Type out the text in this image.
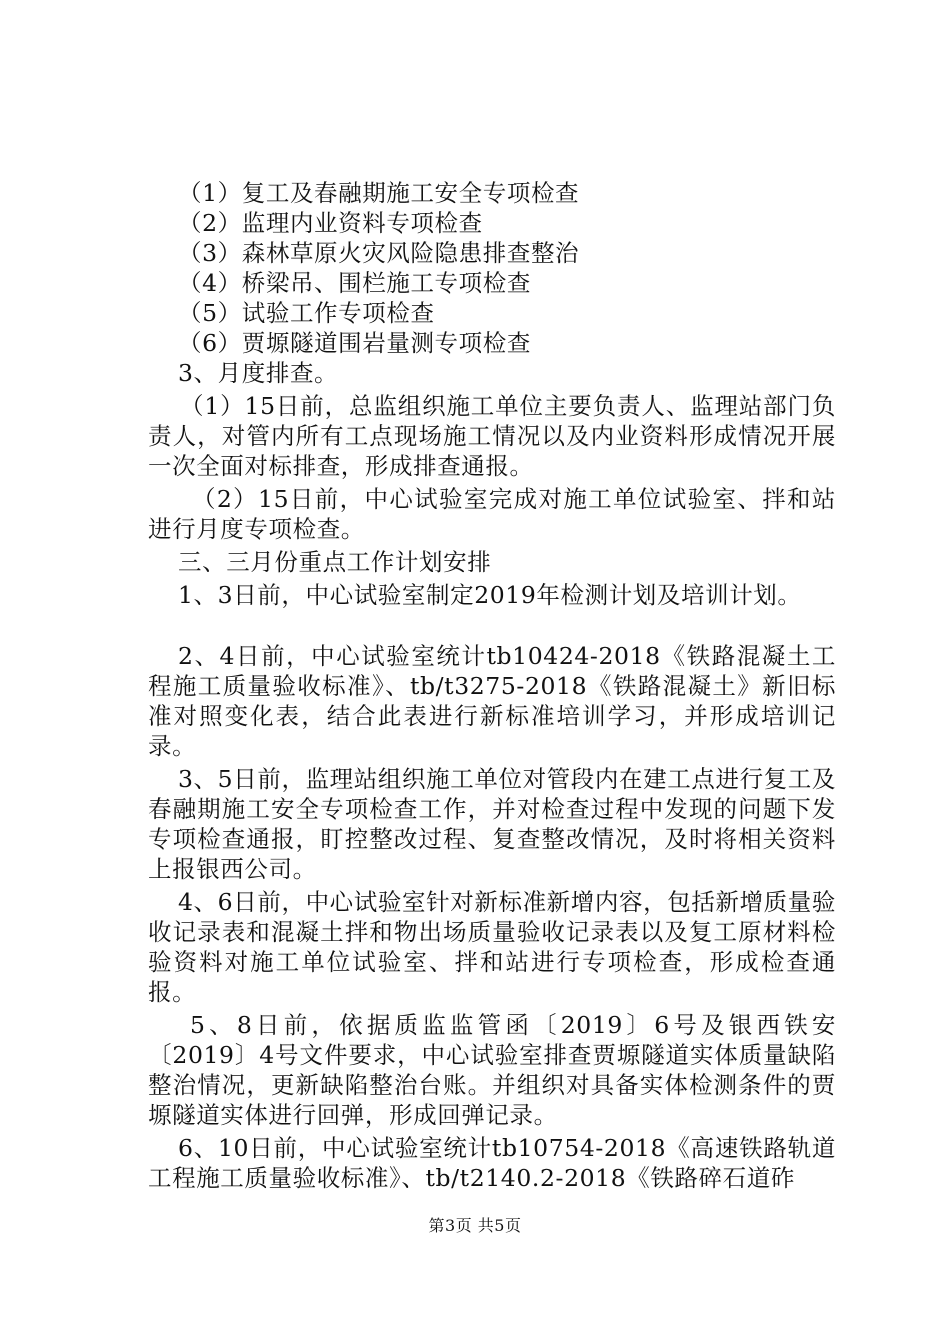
（1）复工及春融期施工安全专项检查
（2）监理内业资料专项检查
（3）森林草原火灾风险隐患排查整治
（4）桥梁吊、围栏施工专项检查
（5）试验工作专项检查
（6）贾塬隧道围岩量测专项检查
3、月度排查。
（1）15日前，总监组织施工单位主要负责人、监理站部门负责人，对管内所有工点现场施工情况以及内业资料形成情况开展一次全面对标排查，形成排查通报。
（2）15日前，中心试验室完成对施工单位试验室、拌和站进行月度专项检查。
三、三月份重点工作计划安排
1、3日前，中心试验室制定2019年检测计划及培训计划。
2、4日前，中心试验室统计tb10424-2018《铁路混凝土工程施工质量验收标准》、tb/t3275-2018《铁路混凝土》新旧标准对照变化表，结合此表进行新标准培训学习，并形成培训记录。
3、5日前，监理站组织施工单位对管段内在建工点进行复工及春融期施工安全专项检查工作，并对检查过程中发现的问题下发专项检查通报，盯控整改过程、复查整改情况，及时将相关资料上报银西公司。
4、6日前，中心试验室针对新标准新增内容，包括新增质量验收记录表和混凝土拌和物出场质量验收记录表以及复工原材料检验资料对施工单位试验室、拌和站进行专项检查，形成检查通报。
5、8日前，依据质监监管函〔2019〕6号及银西铁安〔2019〕4号文件要求，中心试验室排查贾塬隧道实体质量缺陷整治情况，更新缺陷整治台账。并组织对具备实体检测条件的贾塬隧道实体进行回弹，形成回弹记录。
6、10日前，中心试验室统计tb10754-2018《高速铁路轨道工程施工质量验收标准》、tb/t2140.2-2018《铁路碎石道砟
第3页 共5页
